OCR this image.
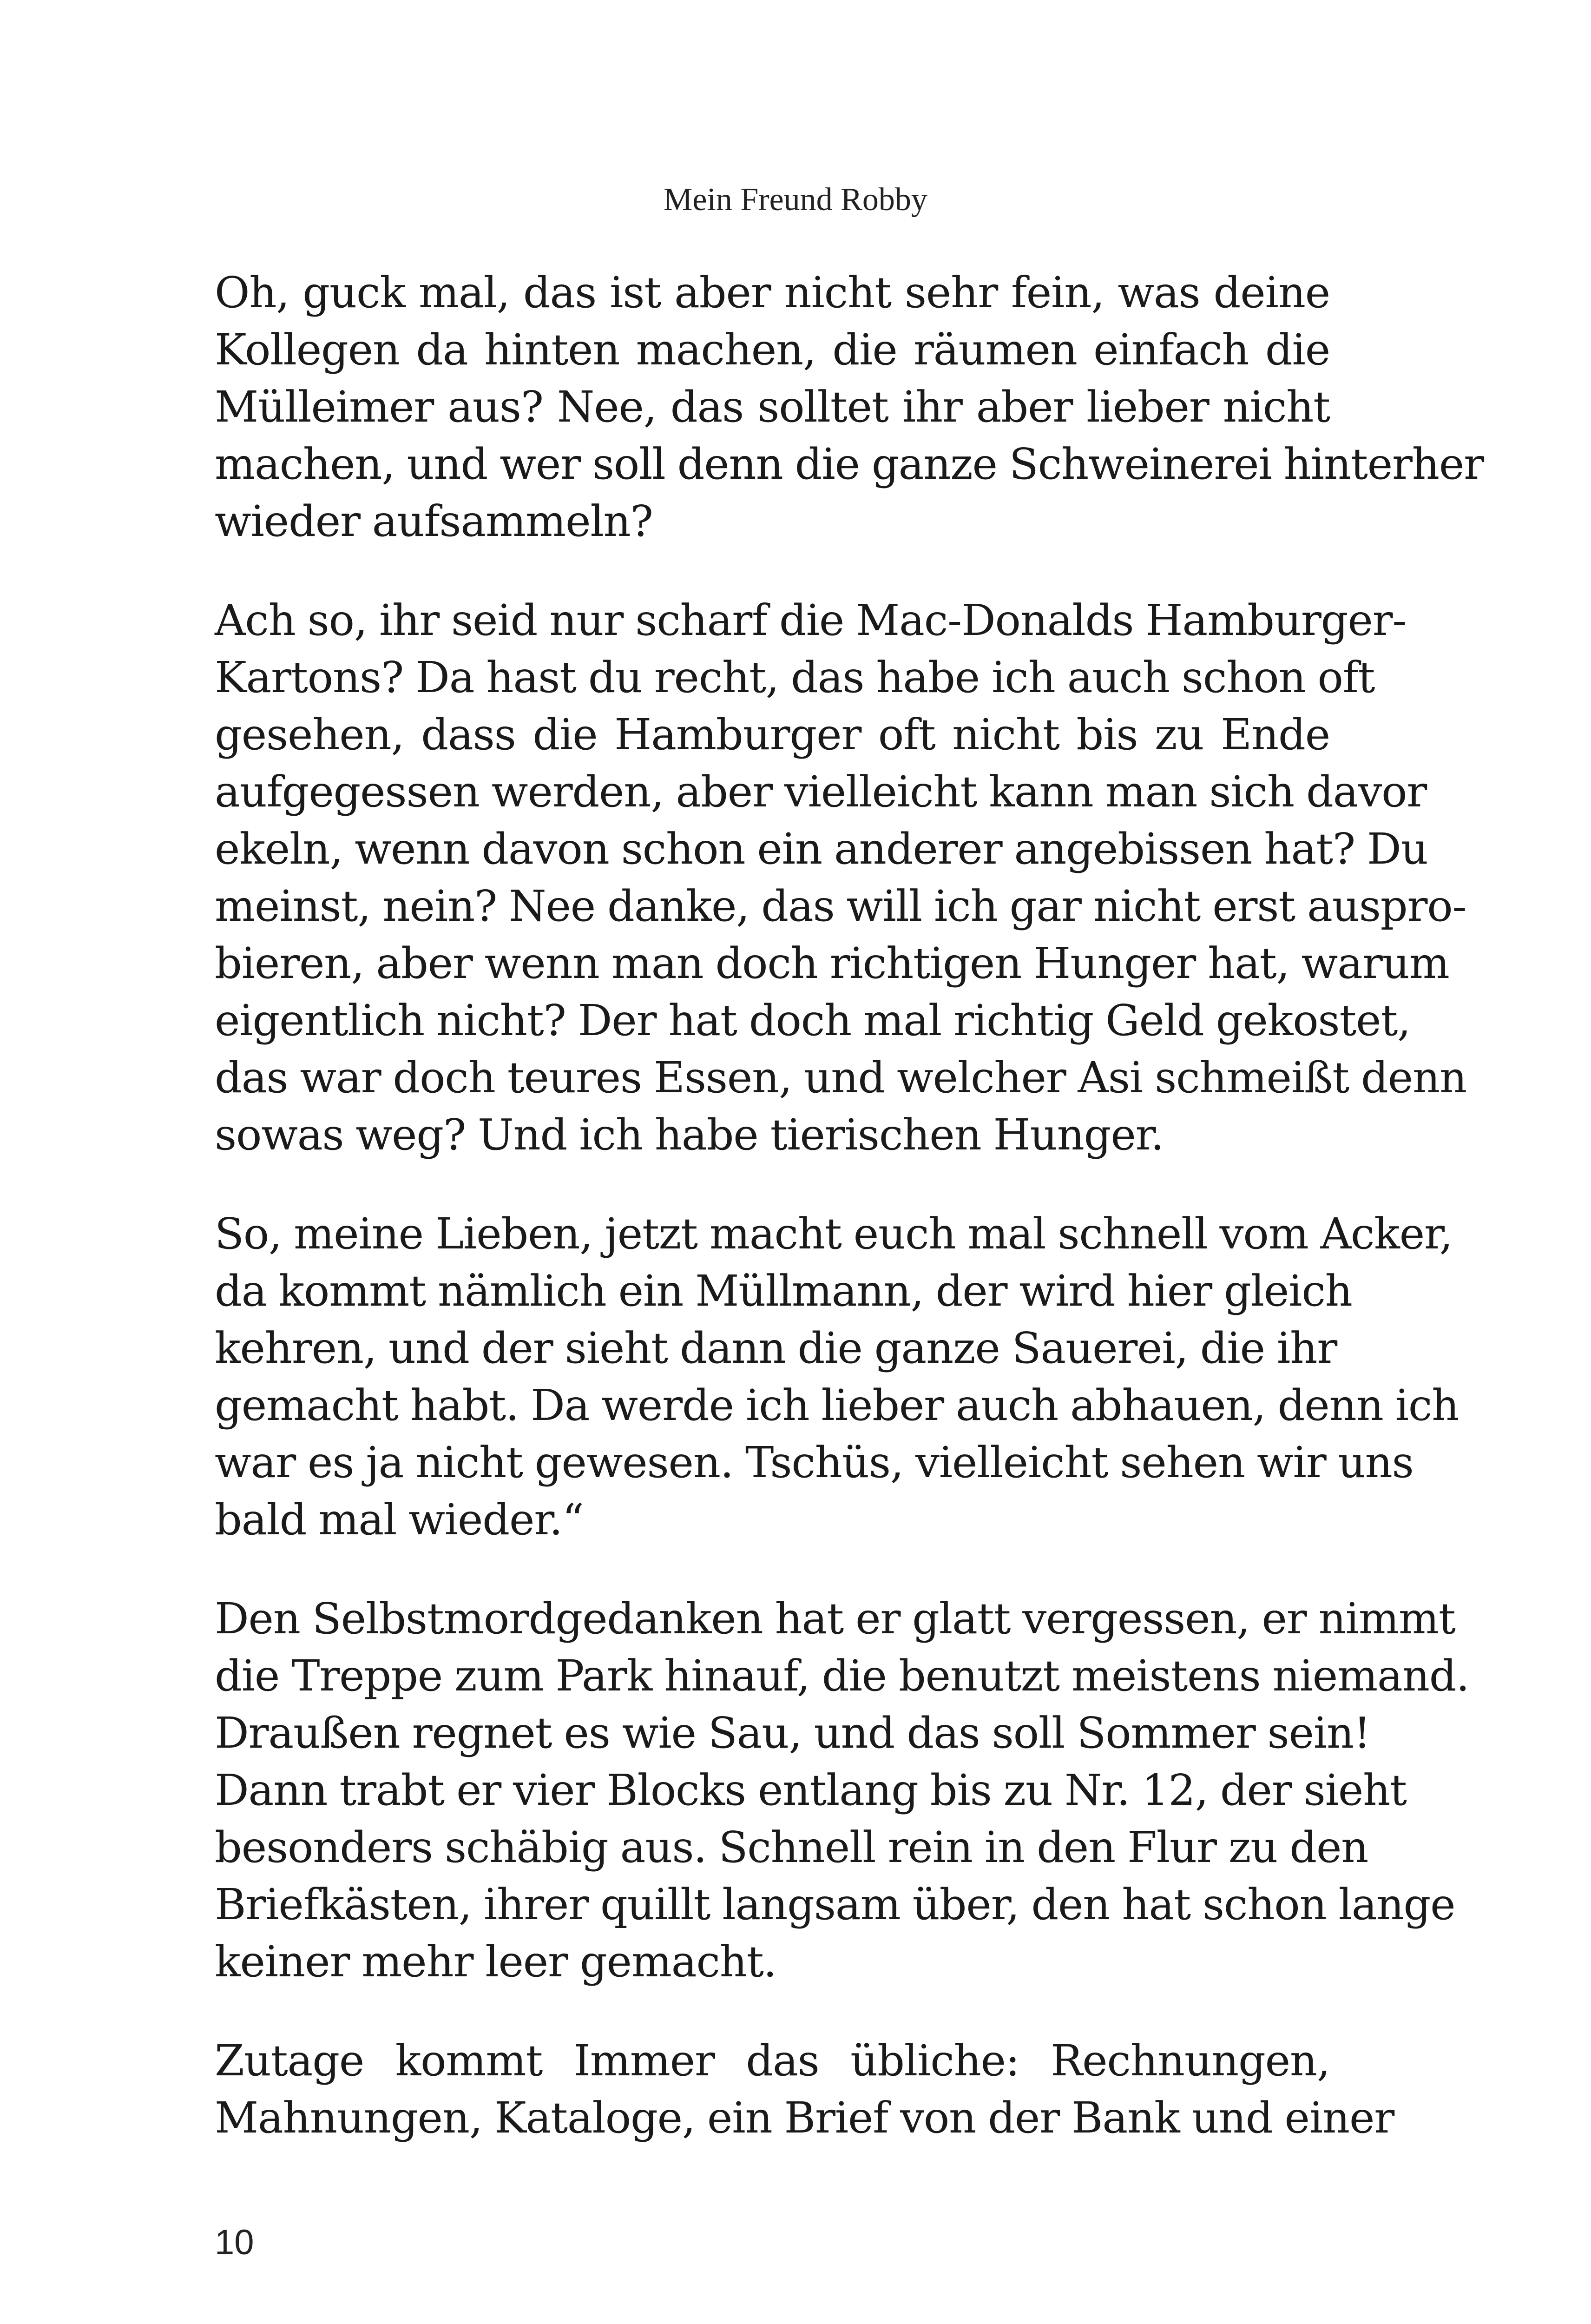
Mein Freund Robby
Oh, guck mal, das ist aber nicht sehr fein, was deine
Kollegen da hinten machen, die räumen einfach die
Mülleimer aus? Nee, das solltet ihr aber lieber nicht
machen, und wer soll denn die ganze Schweinerei hinterher
wieder aufsammeln?
Ach so, ihr seid nur scharf die Mac-Donalds Hamburger-
Kartons? Da hast du recht, das habe ich auch schon oft
gesehen, dass die Hamburger oft nicht bis zu Ende
aufgegessen werden, aber vielleicht kann man sich davor
ekeln, wenn davon schon ein anderer angebissen hat? Du
meinst, nein? Nee danke, das will ich gar nicht erst auspro-
bieren, aber wenn man doch richtigen Hunger hat, warum
eigentlich nicht? Der hat doch mal richtig Geld gekostet,
das war doch teures Essen, und welcher Asi schmeißt denn
sowas weg? Und ich habe tierischen Hunger.
So, meine Lieben, jetzt macht euch mal schnell vom Acker,
da kommt nämlich ein Müllmann, der wird hier gleich
kehren, und der sieht dann die ganze Sauerei, die ihr
gemacht habt. Da werde ich lieber auch abhauen, denn ich
war es ja nicht gewesen. Tschüs, vielleicht sehen wir uns
bald mal wieder.“
Den Selbstmordgedanken hat er glatt vergessen, er nimmt
die Treppe zum Park hinauf, die benutzt meistens niemand.
Draußen regnet es wie Sau, und das soll Sommer sein!
Dann trabt er vier Blocks entlang bis zu Nr. 12, der sieht
besonders schäbig aus. Schnell rein in den Flur zu den
Briefkästen, ihrer quillt langsam über, den hat schon lange
keiner mehr leer gemacht.
Zutage kommt Immer das übliche: Rechnungen,
Mahnungen, Kataloge, ein Brief von der Bank und einer
10
